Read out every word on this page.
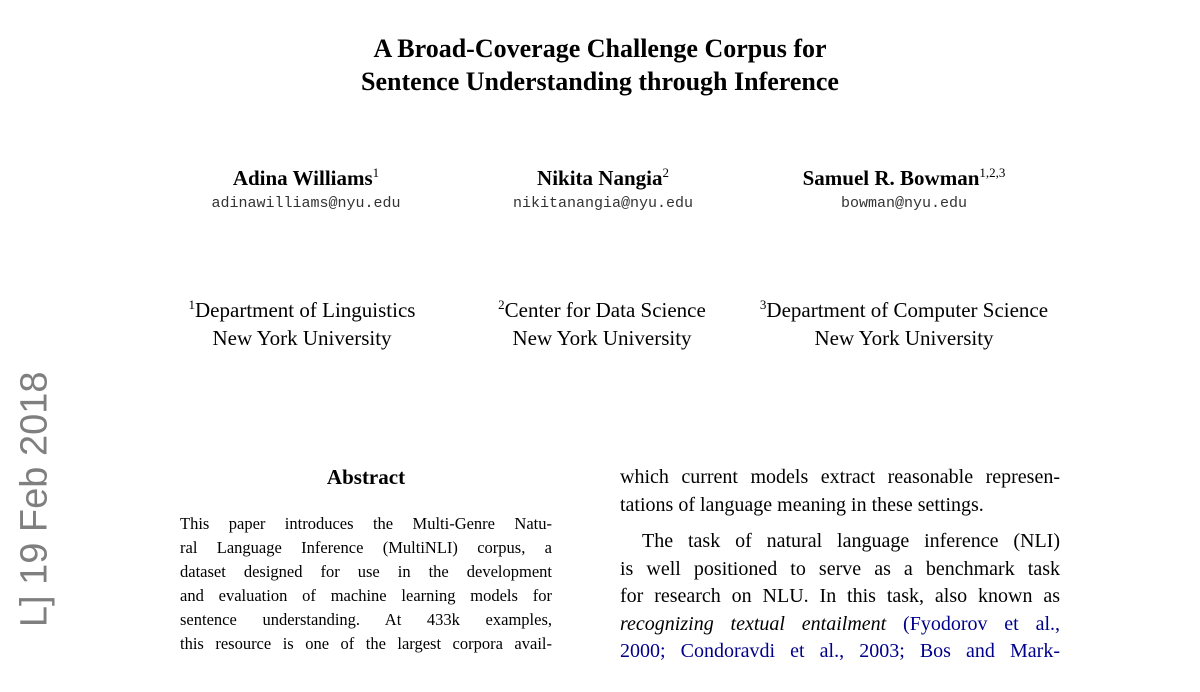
A Broad-Coverage Challenge Corpus for
Sentence Understanding through Inference
Adina Williams$^1$
adinawilliams@nyu.edu
Nikita Nangia$^2$
nikitanangia@nyu.edu
Samuel R. Bowman$^{1,2,3}$
bowman@nyu.edu
$^1$Department of Linguistics
New York University
$^2$Center for Data Science
New York University
$^3$Department of Computer Science
New York University
L] 19 Feb 2018	Abstract
This paper introduces the Multi-Genre Natu-
ral Language Inference (MultiNLI) corpus, a
dataset designed for use in the development
and evaluation of machine learning models for
sentence understanding. At 433k examples,
this resource is one of the largest corpora avail-
which current models extract reasonable represen-
tations of language meaning in these settings.
The task of natural language inference (NLI)
is well positioned to serve as a benchmark task
for research on NLU. In this task, also known as
recognizing textual entailment (Fyodorov et al.,
2000; Condoravdi et al., 2003; Bos and Mark-
